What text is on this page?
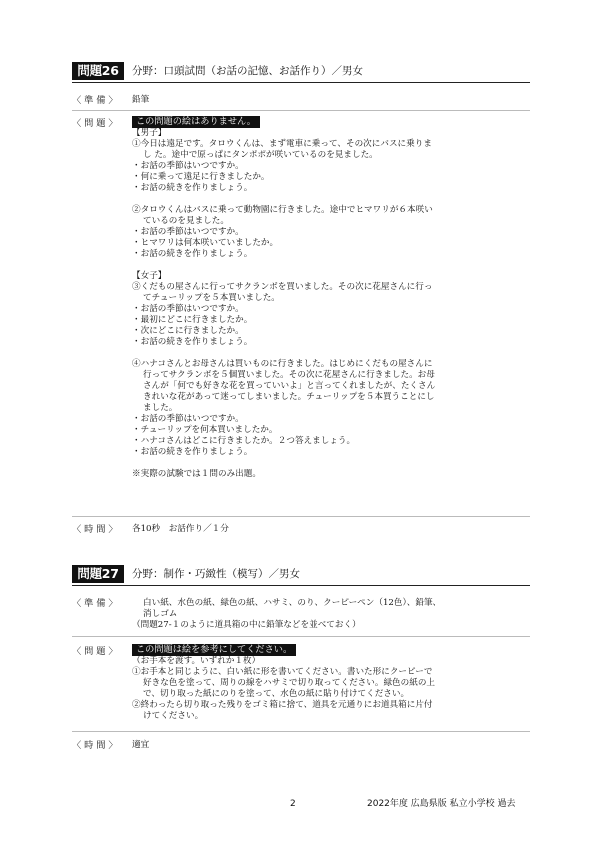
問題26	分野：口頭試問（お話の記憶、お話作り）／男女
〈 準 備 〉 鉛筆
〈 問 題 〉	この問題の絵はありません。
【男子】
①今日は遠足です。タロウくんは、まず電車に乗って、その次にバスに乗りま
し た。途中で原っぱにタンポポが咲いているのを見ました。
・お話の季節はいつですか。
・何に乗って遠足に行きましたか。
・お話の続きを作りましょう。
②タロウくんはバスに乗って動物園に行きました。途中でヒマワリが６本咲い
ているのを見ました。
・お話の季節はいつですか。
・ヒマワリは何本咲いていましたか。
・お話の続きを作りましょう。
【女子】
③くだもの屋さんに行ってサクランボを買いました。その次に花屋さんに行っ
てチューリップを５本買いました。
・お話の季節はいつですか。
・最初にどこに行きましたか。
・次にどこに行きましたか。
・お話の続きを作りましょう。
④ハナコさんとお母さんは買いものに行きました。はじめにくだもの屋さんに
行ってサクランボを５個買いました。その次に花屋さんに行きました。お母
さんが「何でも好きな花を買っていいよ」と言ってくれましたが、たくさん
きれいな花があって迷ってしまいました。チューリップを５本買うことにし
ました。
・お話の季節はいつですか。
・チューリップを何本買いましたか。
・ハナコさんはどこに行きましたか。２つ答えましょう。
・お話の続きを作りましょう。
※実際の試験では１問のみ出題。
〈 時 間 〉 各10秒　お話作り／１分
問題27	分野：制作・巧緻性（模写）／男女
〈 準 備 〉	白い紙、水色の紙、緑色の紙、ハサミ、のり、クーピーペン（12色）、鉛筆、
消しゴム
（問題27-１のように道具箱の中に鉛筆などを並べておく）
〈 問 題 〉	この問題は絵を参考にしてください。
（お手本を渡す。いずれか１枚）
①お手本と同じように、白い紙に形を書いてください。書いた形にクーピーで
好きな色を塗って、周りの線をハサミで切り取ってください。緑色の紙の上
で、切り取った紙にのりを塗って、水色の紙に貼り付けてください。
②終わったら切り取った残りをゴミ箱に捨て、道具を元通りにお道具箱に片付
けてください。
〈 時 間 〉 適宜
2	2022年度 広島県版 私立小学校 過去
